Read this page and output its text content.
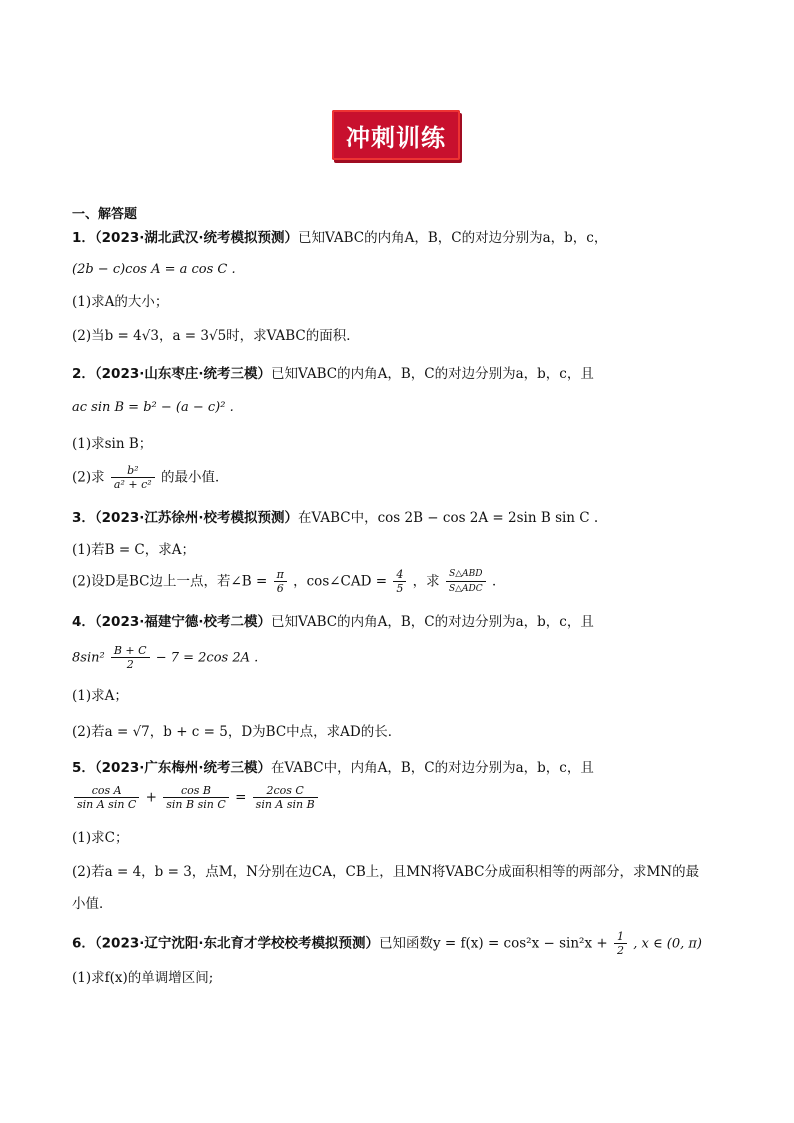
冲刺训练
一、解答题
1．（2023·湖北武汉·统考模拟预测）已知VABC的内角A，B，C的对边分别为a，b，c，
(2b − c)cos A = a cos C .
(1)求A的大小；
(2)当b = 4√3，a = 3√5时，求VABC的面积．
2．（2023·山东枣庄·统考三模）已知VABC的内角A，B，C的对边分别为a，b，c，且
ac sin B = b² − (a − c)² .
(1)求sin B；
(2)求 $\frac{\text{b²}}{\text{a² + c²}}$ 的最小值．
3．（2023·江苏徐州·校考模拟预测）在VABC中，cos 2B − cos 2A = 2sin B sin C .
(1)若B = C，求A；
(2)设D是BC边上一点，若∠B = $\frac{\pi}{6}$ ，cos∠CAD = $\frac{4}{5}$ ，求 $\frac{\text{S△ABD}}{\text{S△ADC}}$ ．
4．（2023·福建宁德·校考二模）已知VABC的内角A，B，C的对边分别为a，b，c，且
$8\sin^2 \frac{B + C}{2} - 7 = 2\cos$ 2A .
(1)求A；
(2)若a = √7，b + c = 5，D为BC中点，求AD的长．
5．（2023·广东梅州·统考三模）在VABC中，内角A，B，C的对边分别为a，b，c，且
$\frac{\text{cos A}}{\text{sin A sin C}} + \frac{\text{cos B}}{\text{sin B sin C}} = \frac{\text{2cos C}}{\text{sin A sin B}}$
(1)求C；
(2)若a = 4，b = 3，点M，N分别在边CA，CB上，且MN将VABC分成面积相等的两部分，求MN的最
小值．
6．（2023·辽宁沈阳·东北育才学校校考模拟预测）已知函数$y = f(x) = \cos^2x - \sin^2x + \frac{1}{2}$ , x ∈ (0, π)
(1)求f(x)的单调增区间;
